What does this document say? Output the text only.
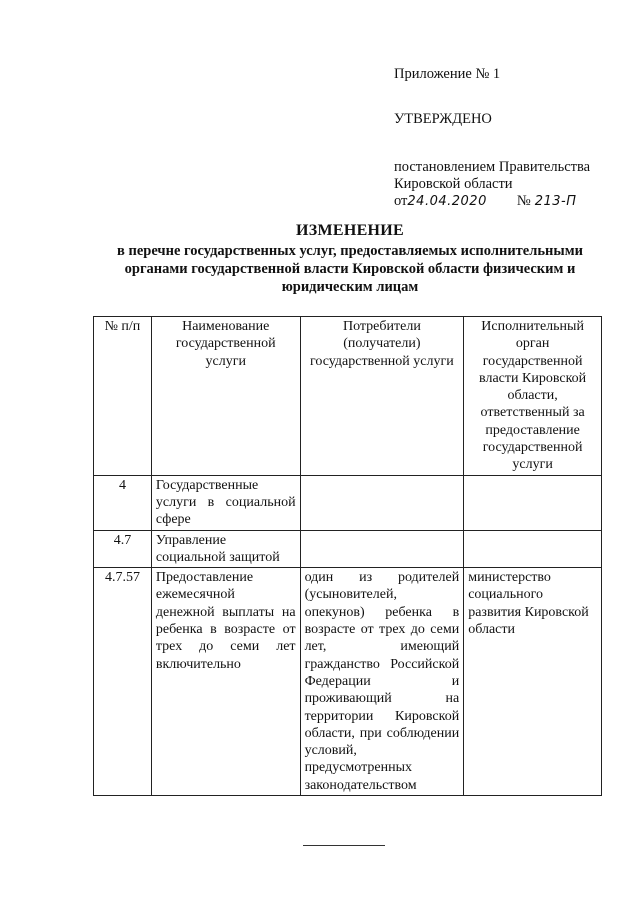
Приложение № 1
УТВЕРЖДЕНО
постановлением Правительства
Кировской области
от 24.04.2020 № 213-П
ИЗМЕНЕНИЕ
в перечне государственных услуг, предоставляемых исполнительными
органами государственной власти Кировской области физическим и
юридическим лицам
№ п/п	Наименование государственной услуги	Потребители (получатели) государственной услуги	Исполнительный орган государственной власти Кировской области, ответственный за предоставление государственной услуги
4	Государственные услуги в социальной сфере		
4.7	Управление социальной защитой		
4.7.57	Предоставление ежемесячной денежной выплаты на ребенка в возрасте от трех до семи лет включительно	один из родителей (усыновителей, опекунов) ребенка в возрасте от трех до семи лет, имеющий гражданство Российской Федерации и проживающий на территории Кировской области, при соблюдении условий, предусмотренных законодательством	министерство социального развития Кировской области
